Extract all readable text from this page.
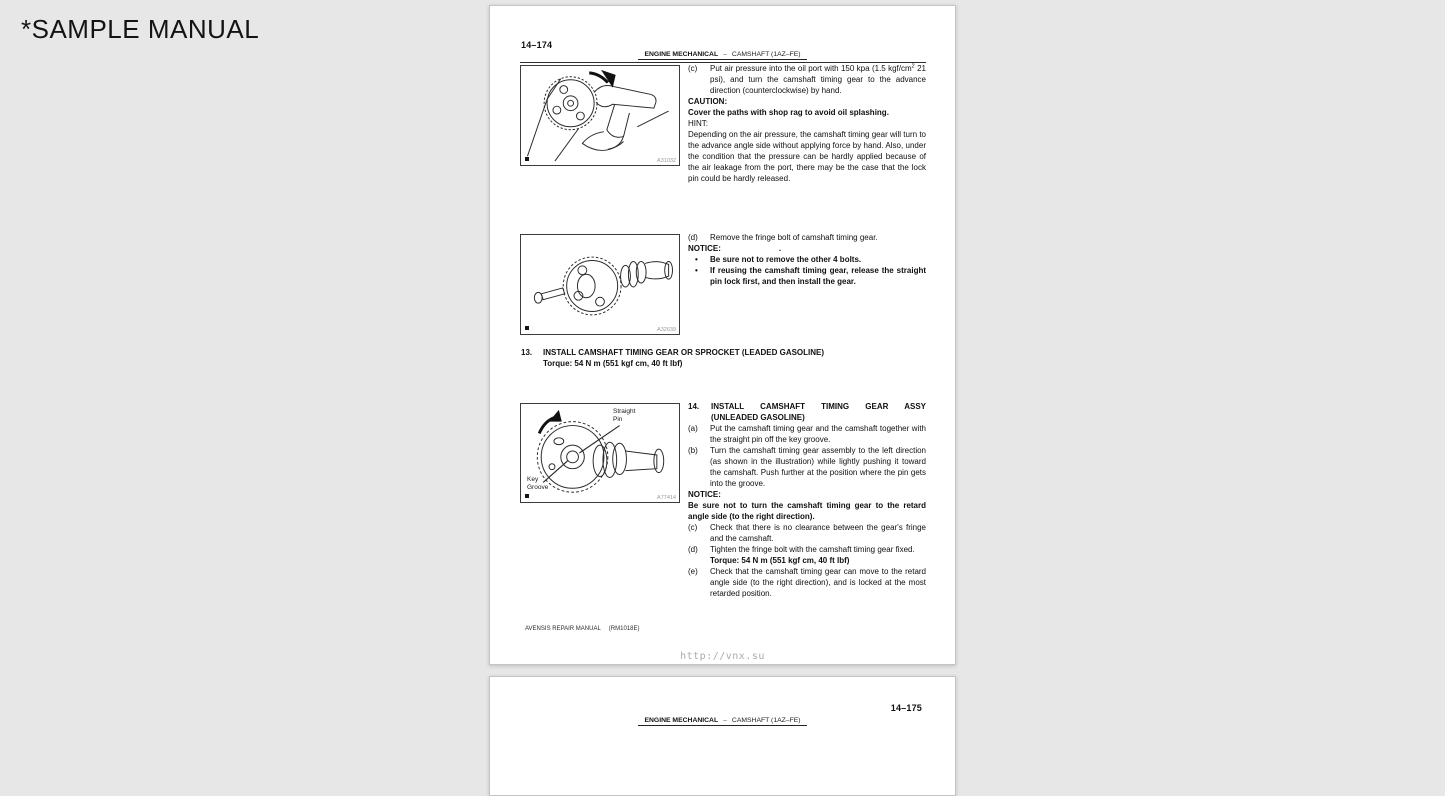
*SAMPLE MANUAL
14–174
ENGINE MECHANICAL – CAMSHAFT (1AZ–FE)
A31032
A32639
Straight
Pin
Key
Groove
A77414
(c) Put air pressure into the oil port with 150 kpa (1.5 kgf/$cm^2$ 21 psi), and turn the camshaft timing gear to the advance direction (counterclockwise) by hand.
CAUTION:
Cover the paths with shop rag to avoid oil splashing.
HINT:
Depending on the air pressure, the camshaft timing gear will turn to the advance angle side without applying force by hand. Also, under the condition that the pressure can be hardly applied because of the air leakage from the port, there may be the case that the lock pin could be hardly released.
(d) Remove the fringe bolt of camshaft timing gear.
NOTICE:	.
• Be sure not to remove the other 4 bolts.
• If reusing the camshaft timing gear, release the straight pin lock first, and then install the gear.
13. INSTALL CAMSHAFT TIMING GEAR OR SPROCKET (LEADED GASOLINE)
Torque: 54 N m (551 kgf cm, 40 ft lbf)
14. INSTALL CAMSHAFT TIMING GEAR ASSY
(UNLEADED GASOLINE)
(a) Put the camshaft timing gear and the camshaft together with the straight pin off the key groove.
(b) Turn the camshaft timing gear assembly to the left direction (as shown in the illustration) while lightly pushing it toward the camshaft. Push further at the position where the pin gets into the groove.
NOTICE:
Be sure not to turn the camshaft timing gear to the retard angle side (to the right direction).
(c) Check that there is no clearance between the gear's fringe and the camshaft.
(d) Tighten the fringe bolt with the camshaft timing gear fixed.
Torque: 54 N m (551 kgf cm, 40 ft lbf)
(e) Check that the camshaft timing gear can move to the retard angle side (to the right direction), and is locked at the most retarded position.
AVENSIS REPAIR MANUAL (RM1018E)
http://vnx.su
14–175
ENGINE MECHANICAL – CAMSHAFT (1AZ–FE)
